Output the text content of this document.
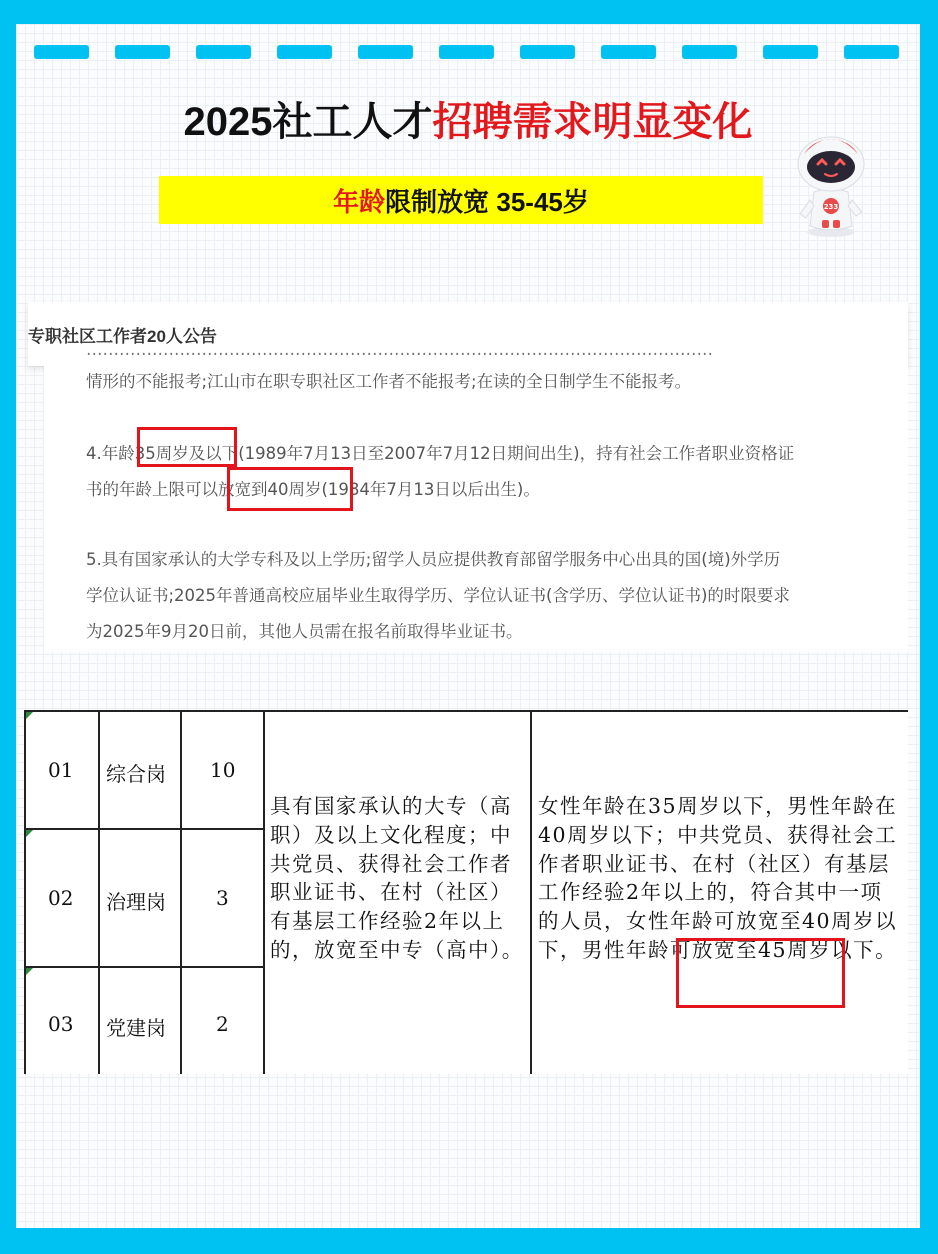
2025社工人才招聘需求明显变化
年龄 限制放宽 35-45岁	233
专职社区工作者20人公告
……………………………………………………………………………………………………
情形的不能报考;江山市在职专职社区工作者不能报考;在读的全日制学生不能报考。
4.年龄35周岁及以下(1989年7月13日至2007年7月12日期间出生)，持有社会工作者职业资格证
书的年龄上限可以放宽到40周岁(1984年7月13日以后出生)。
5.具有国家承认的大学专科及以上学历;留学人员应提供教育部留学服务中心出具的国(境)外学历
学位认证书;2025年普通高校应届毕业生取得学历、学位认证书(含学历、学位认证书)的时限要求
为2025年9月20日前，其他人员需在报名前取得毕业证书。
01 综合岗 10
02 治理岗	3
03 党建岗	2
具有国家承认的大专（高职）及以上文化程度；中共党员、获得社会工作者职业证书、在村（社区）有基层工作经验2年以上的，放宽至中专（高中）。
女性年龄在35周岁以下，男性年龄在40周岁以下；中共党员、获得社会工作者职业证书、在村（社区）有基层工作经验2年以上的，符合其中一项的人员，女性年龄可放宽至40周岁以下，男性年龄可放宽至45周岁以下。
